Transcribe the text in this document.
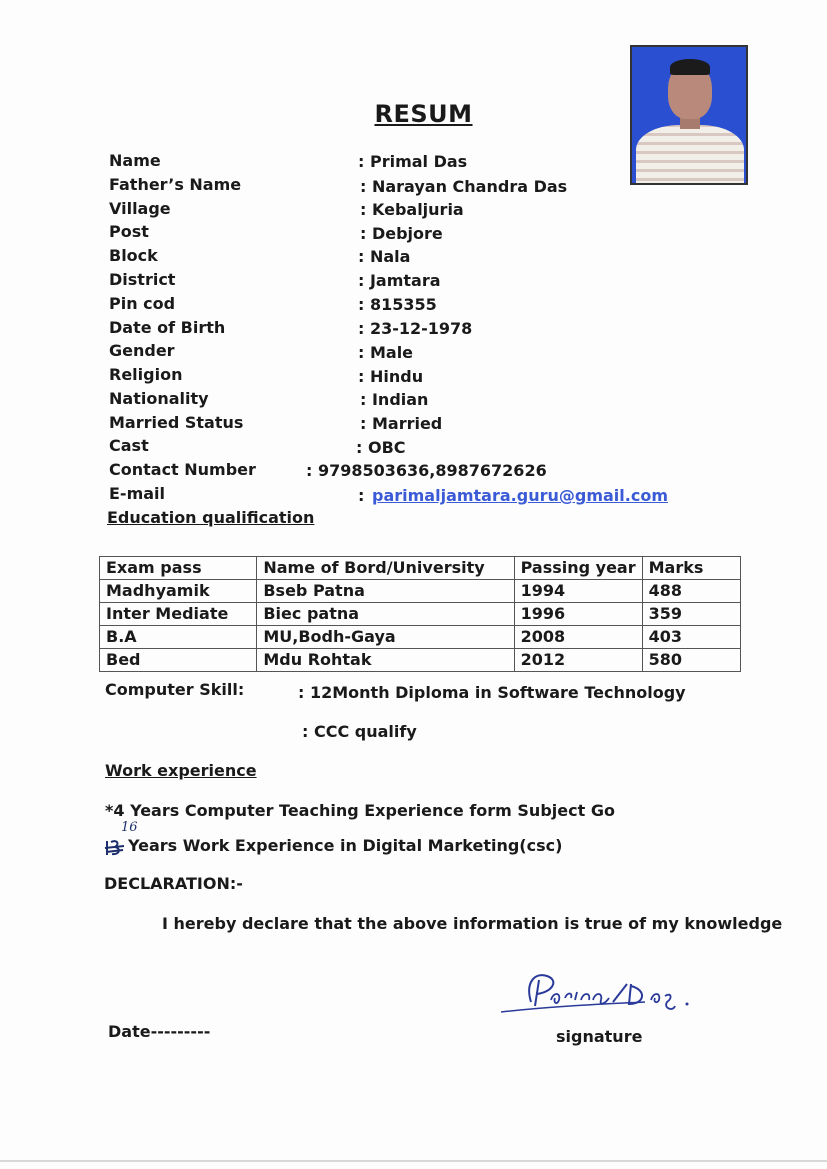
RESUM
Name	: Primal Das
Father’s Name	: Narayan Chandra Das
Village	: Kebaljuria
Post	: Debjore
Block	: Nala
District	: Jamtara
Pin cod	: 815355
Date of Birth	: 23-12-1978
Gender	: Male
Religion	: Hindu
Nationality	: Indian
Married Status	: Married
Cast	: OBC
Contact Number	: 9798503636,8987672626
E-mail	: parimaljamtara.guru@gmail.com
Education qualification
Exam pass	Name of Bord/University	Passing year	Marks
Madhyamik	Bseb Patna	1994	488
Inter Mediate	Biec patna	1996	359
B.A	MU,Bodh-Gaya	2008	403
Bed	Mdu Rohtak	2012	580
Computer Skill:	: 12Month Diploma in Software Technology
: CCC qualify
Work experience
*4 Years Computer Teaching Experience form Subject Go
16
Years Work Experience in Digital Marketing(csc)
DECLARATION:-
I hereby declare that the above information is true of my knowledge
Date---------	signature
